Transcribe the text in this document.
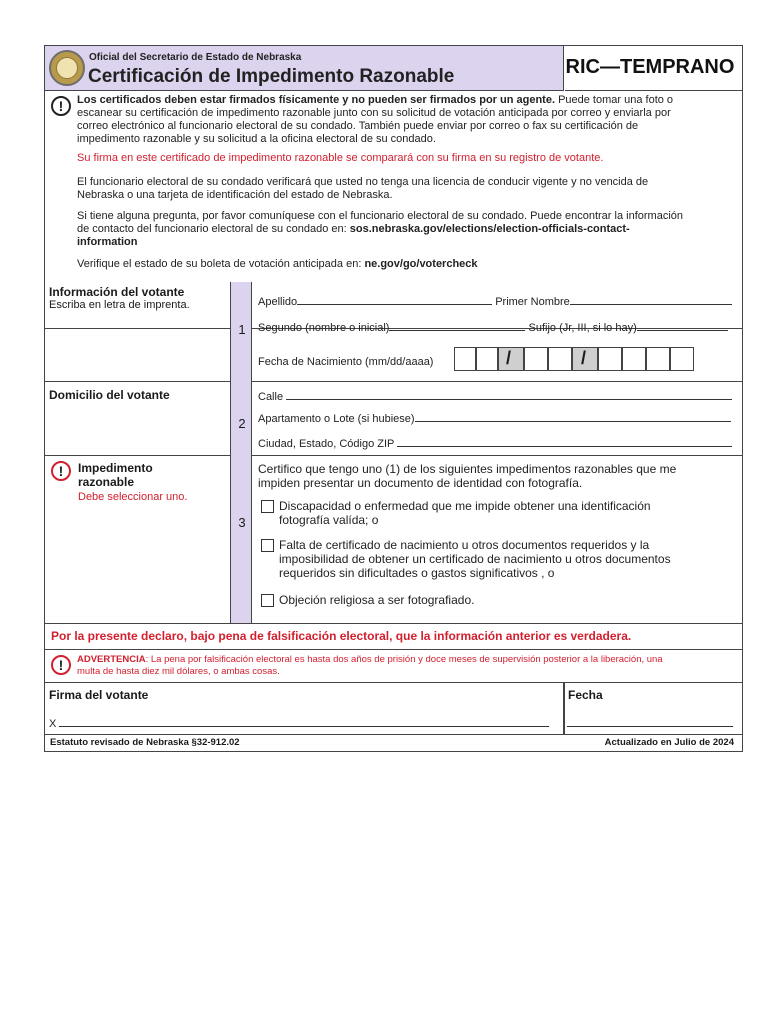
Oficial del Secretario de Estado de Nebraska
Certificación de Impedimento Razonable	RIC—TEMPRANO
!	Los certificados deben estar firmados físicamente y no pueden ser firmados por un agente. Puede tomar una foto o
escanear su certificación de impedimento razonable junto con su solicitud de votación anticipada por correo y enviarla por
correo electrónico al funcionario electoral de su condado. También puede enviar por correo o fax su certificación de
impedimento razonable y su solicitud a la oficina electoral de su condado.
Su firma en este certificado de impedimento razonable se comparará con su firma en su registro de votante.
El funcionario electoral de su condado verificará que usted no tenga una licencia de conducir vigente y no vencida de
Nebraska o una tarjeta de identificación del estado de Nebraska.
Si tiene alguna pregunta, por favor comuníquese con el funcionario electoral de su condado. Puede encontrar la información
de contacto del funcionario electoral de su condado en: sos.nebraska.gov/elections/election-officials-contact-
information
Verifique el estado de su boleta de votación anticipada en: ne.gov/go/votercheck
Información del votante
Escriba en letra de imprenta.
1
Apellido	Primer Nombre
Segundo (nombre o inicial)	Sufijo (Jr, III, si lo hay)
Fecha de Nacimiento (mm/dd/aaaa)	/	/
Domicilio del votante
2
Calle
Apartamento o Lote (si hubiese)
Ciudad, Estado, Código ZIP
!	Impedimento
razonable
Debe seleccionar uno.
3
Certifico que tengo uno (1) de los siguientes impedimentos razonables que me
impiden presentar un documento de identidad con fotografía.
Discapacidad o enfermedad que me impide obtener una identificación
fotografía valída; o
Falta de certificado de nacimiento u otros documentos requeridos y la
imposibilidad de obtener un certificado de nacimiento u otros documentos
requeridos sin dificultades o gastos significativos , o
Objeción religiosa a ser fotografiado.
Por la presente declaro, bajo pena de falsificación electoral, que la información anterior es verdadera.
!	ADVERTENCIA: La pena por falsificación electoral es hasta dos años de prisión y doce meses de supervisión posterior a la liberación, una
multa de hasta diez mil dólares, o ambas cosas.
Firma del votante	Fecha
X
Estatuto revisado de Nebraska §32-912.02	Actualizado en Julio de 2024
